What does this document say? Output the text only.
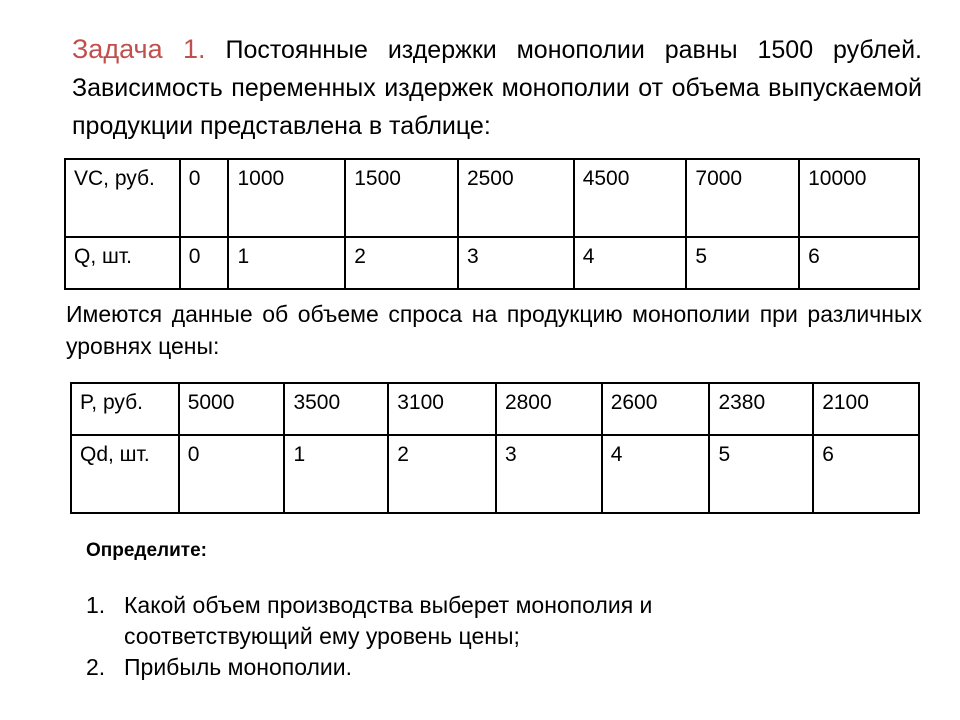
Задача 1. Постоянные издержки монополии равны 1500 рублей. Зависимость переменных издержек монополии от объема выпускаемой продукции представлена в таблице:
VC, руб.	0	1000	1500	2500	4500	7000	10000
Q, шт.	0	1	2	3	4	5	6
Имеются данные об объеме спроса на продукцию монополии при различных уровнях цены:
P, руб.	5000	3500	3100	2800	2600	2380	2100
Qd, шт.	0	1	2	3	4	5	6
Определите:
1. Какой объем производства выберет монополия и соответствующий ему уровень цены;
2. Прибыль монополии.
